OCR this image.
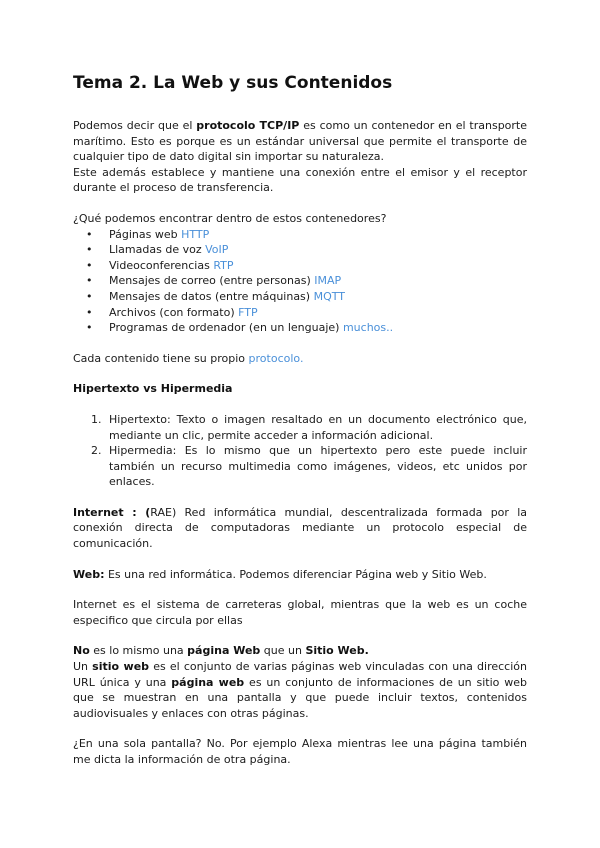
Tema 2. La Web y sus Contenidos

Podemos decir que el protocolo TCP/IP es como un contenedor en el transporte marítimo. Esto es porque es un estándar universal que permite el transporte de cualquier tipo de dato digital sin importar su naturaleza.

Este además establece y mantiene una conexión entre el emisor y el receptor durante el proceso de transferencia.

¿Qué podemos encontrar dentro de estos contenedores?

• Páginas web HTTP
• Llamadas de voz VoIP
• Videoconferencias RTP
• Mensajes de correo (entre personas) IMAP
• Mensajes de datos (entre máquinas) MQTT
• Archivos (con formato) FTP
• Programas de ordenador (en un lenguaje) muchos..

Cada contenido tiene su propio protocolo.

Hipertexto vs Hipermedia

1. Hipertexto: Texto o imagen resaltado en un documento electrónico que, mediante un clic, permite acceder a información adicional.
2. Hipermedia: Es lo mismo que un hipertexto pero este puede incluir también un recurso multimedia como imágenes, videos, etc unidos por enlaces.

Internet : (RAE) Red informática mundial, descentralizada formada por la conexión directa de computadoras mediante un protocolo especial de comunicación.

Web: Es una red informática. Podemos diferenciar Página web y Sitio Web.

Internet es el sistema de carreteras global, mientras que la web es un coche especifico que circula por ellas

No es lo mismo una página Web que un Sitio Web.

Un sitio web es el conjunto de varias páginas web vinculadas con una dirección URL única y una página web es un conjunto de informaciones de un sitio web que se muestran en una pantalla y que puede incluir textos, contenidos audiovisuales y enlaces con otras páginas.

¿En una sola pantalla? No. Por ejemplo Alexa mientras lee una página también me dicta la información de otra página.
